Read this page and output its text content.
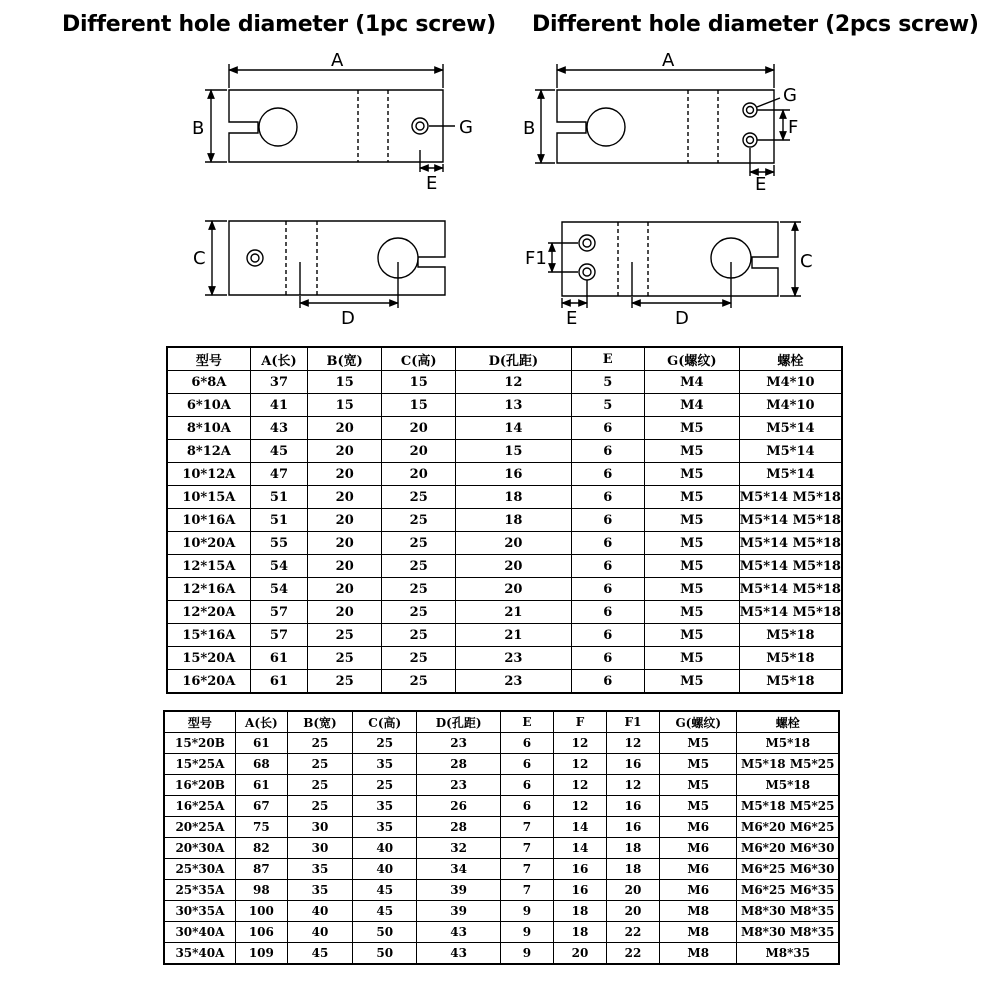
Different hole diameter (1pc screw) Different hole diameter (2pcs screw)
A
B	G
E
C
D
A
B
G
F
E
F1
E	D
C
型号	A(长)	B(宽)	C(高)	D(孔距)	E	G(螺纹)	螺栓
6*8A	37	15	15	12	5	M4	M4*10
6*10A	41	15	15	13	5	M4	M4*10
8*10A	43	20	20	14	6	M5	M5*14
8*12A	45	20	20	15	6	M5	M5*14
10*12A	47	20	20	16	6	M5	M5*14
10*15A	51	20	25	18	6	M5	M5*14 M5*18
10*16A	51	20	25	18	6	M5	M5*14 M5*18
10*20A	55	20	25	20	6	M5	M5*14 M5*18
12*15A	54	20	25	20	6	M5	M5*14 M5*18
12*16A	54	20	25	20	6	M5	M5*14 M5*18
12*20A	57	20	25	21	6	M5	M5*14 M5*18
15*16A	57	25	25	21	6	M5	M5*18
15*20A	61	25	25	23	6	M5	M5*18
16*20A	61	25	25	23	6	M5	M5*18
型号	A(长)	B(宽)	C(高)	D(孔距)	E	F	F1	G(螺纹)	螺栓
15*20B	61	25	25	23	6	12	12	M5	M5*18
15*25A	68	25	35	28	6	12	16	M5	M5*18 M5*25
16*20B	61	25	25	23	6	12	12	M5	M5*18
16*25A	67	25	35	26	6	12	16	M5	M5*18 M5*25
20*25A	75	30	35	28	7	14	16	M6	M6*20 M6*25
20*30A	82	30	40	32	7	14	18	M6	M6*20 M6*30
25*30A	87	35	40	34	7	16	18	M6	M6*25 M6*30
25*35A	98	35	45	39	7	16	20	M6	M6*25 M6*35
30*35A	100	40	45	39	9	18	20	M8	M8*30 M8*35
30*40A	106	40	50	43	9	18	22	M8	M8*30 M8*35
35*40A	109	45	50	43	9	20	22	M8	M8*35
